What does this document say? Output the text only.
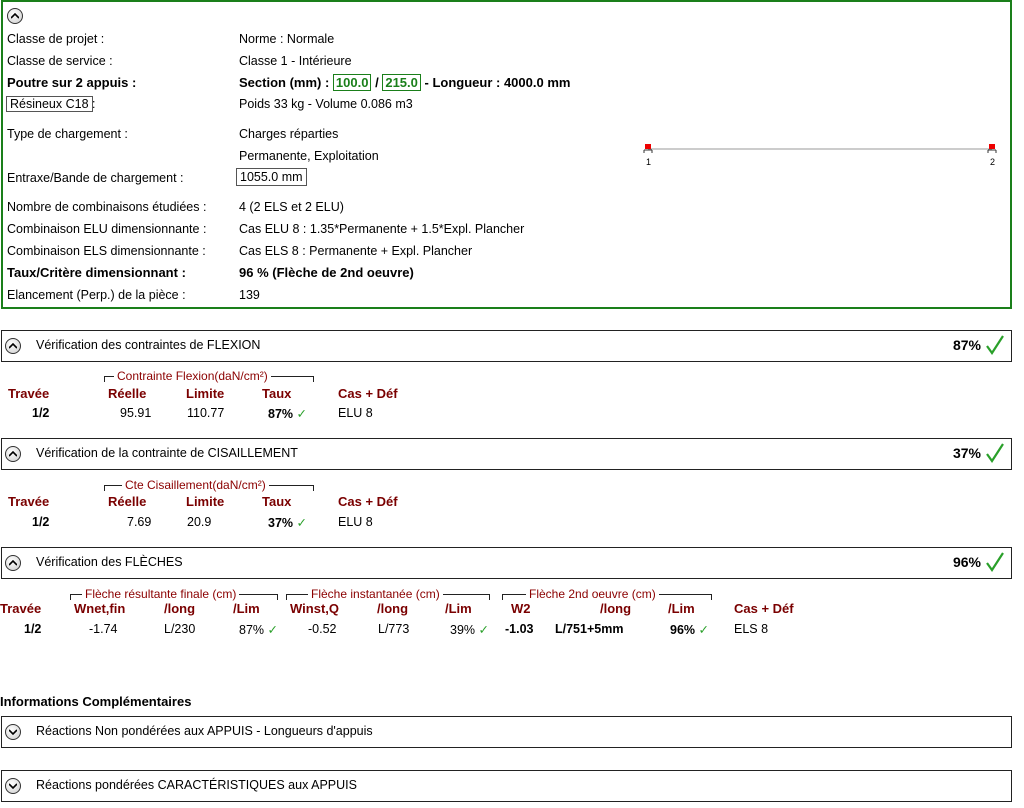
Classe de projet :	Norme : Normale
Classe de service :	Classe 1 - Intérieure
Poutre sur 2 appuis :	Section (mm) : 100.0 / 215.0 - Longueur : 4000.0 mm
Résineux C18 :	Poids 33 kg - Volume 0.086 m3
Type de chargement :	Charges réparties
Permanente, Exploitation	1	2
Entraxe/Bande de chargement :	1055.0 mm
Nombre de combinaisons étudiées :	4 (2 ELS et 2 ELU)
Combinaison ELU dimensionnante :	Cas ELU 8 : 1.35*Permanente + 1.5*Expl. Plancher
Combinaison ELS dimensionnante :	Cas ELS 8 : Permanente + Expl. Plancher
Taux/Critère dimensionnant :	96 % (Flèche de 2nd oeuvre)
Elancement (Perp.) de la pièce :	139
Vérification des contraintes de FLEXION	87%
Contrainte Flexion(daN/cm²)
Travée	Réelle	Limite	Taux	Cas + Déf
1/2	95.91	110.77	87% ✓ ELU 8
Vérification de la contrainte de CISAILLEMENT	37%
Cte Cisaillement(daN/cm²)
Travée	Réelle	Limite	Taux	Cas + Déf
1/2	7.69	20.9	37% ✓ ELU 8
Vérification des FLÈCHES	96%
Flèche résultante finale (cm)	Flèche instantanée (cm)	Flèche 2nd oeuvre (cm)
Travée	Wnet,fin	/long	/Lim Winst,Q	/long	/Lim	W2	/long	/Lim	Cas + Déf
1/2	-1.74	L/230	87% ✓ -0.52	L/773	39% ✓ -1.03 L/751+5mm	96% ✓ ELS 8
Informations Complémentaires
Réactions Non pondérées aux APPUIS - Longueurs d'appuis
Réactions pondérées CARACTÉRISTIQUES aux APPUIS
